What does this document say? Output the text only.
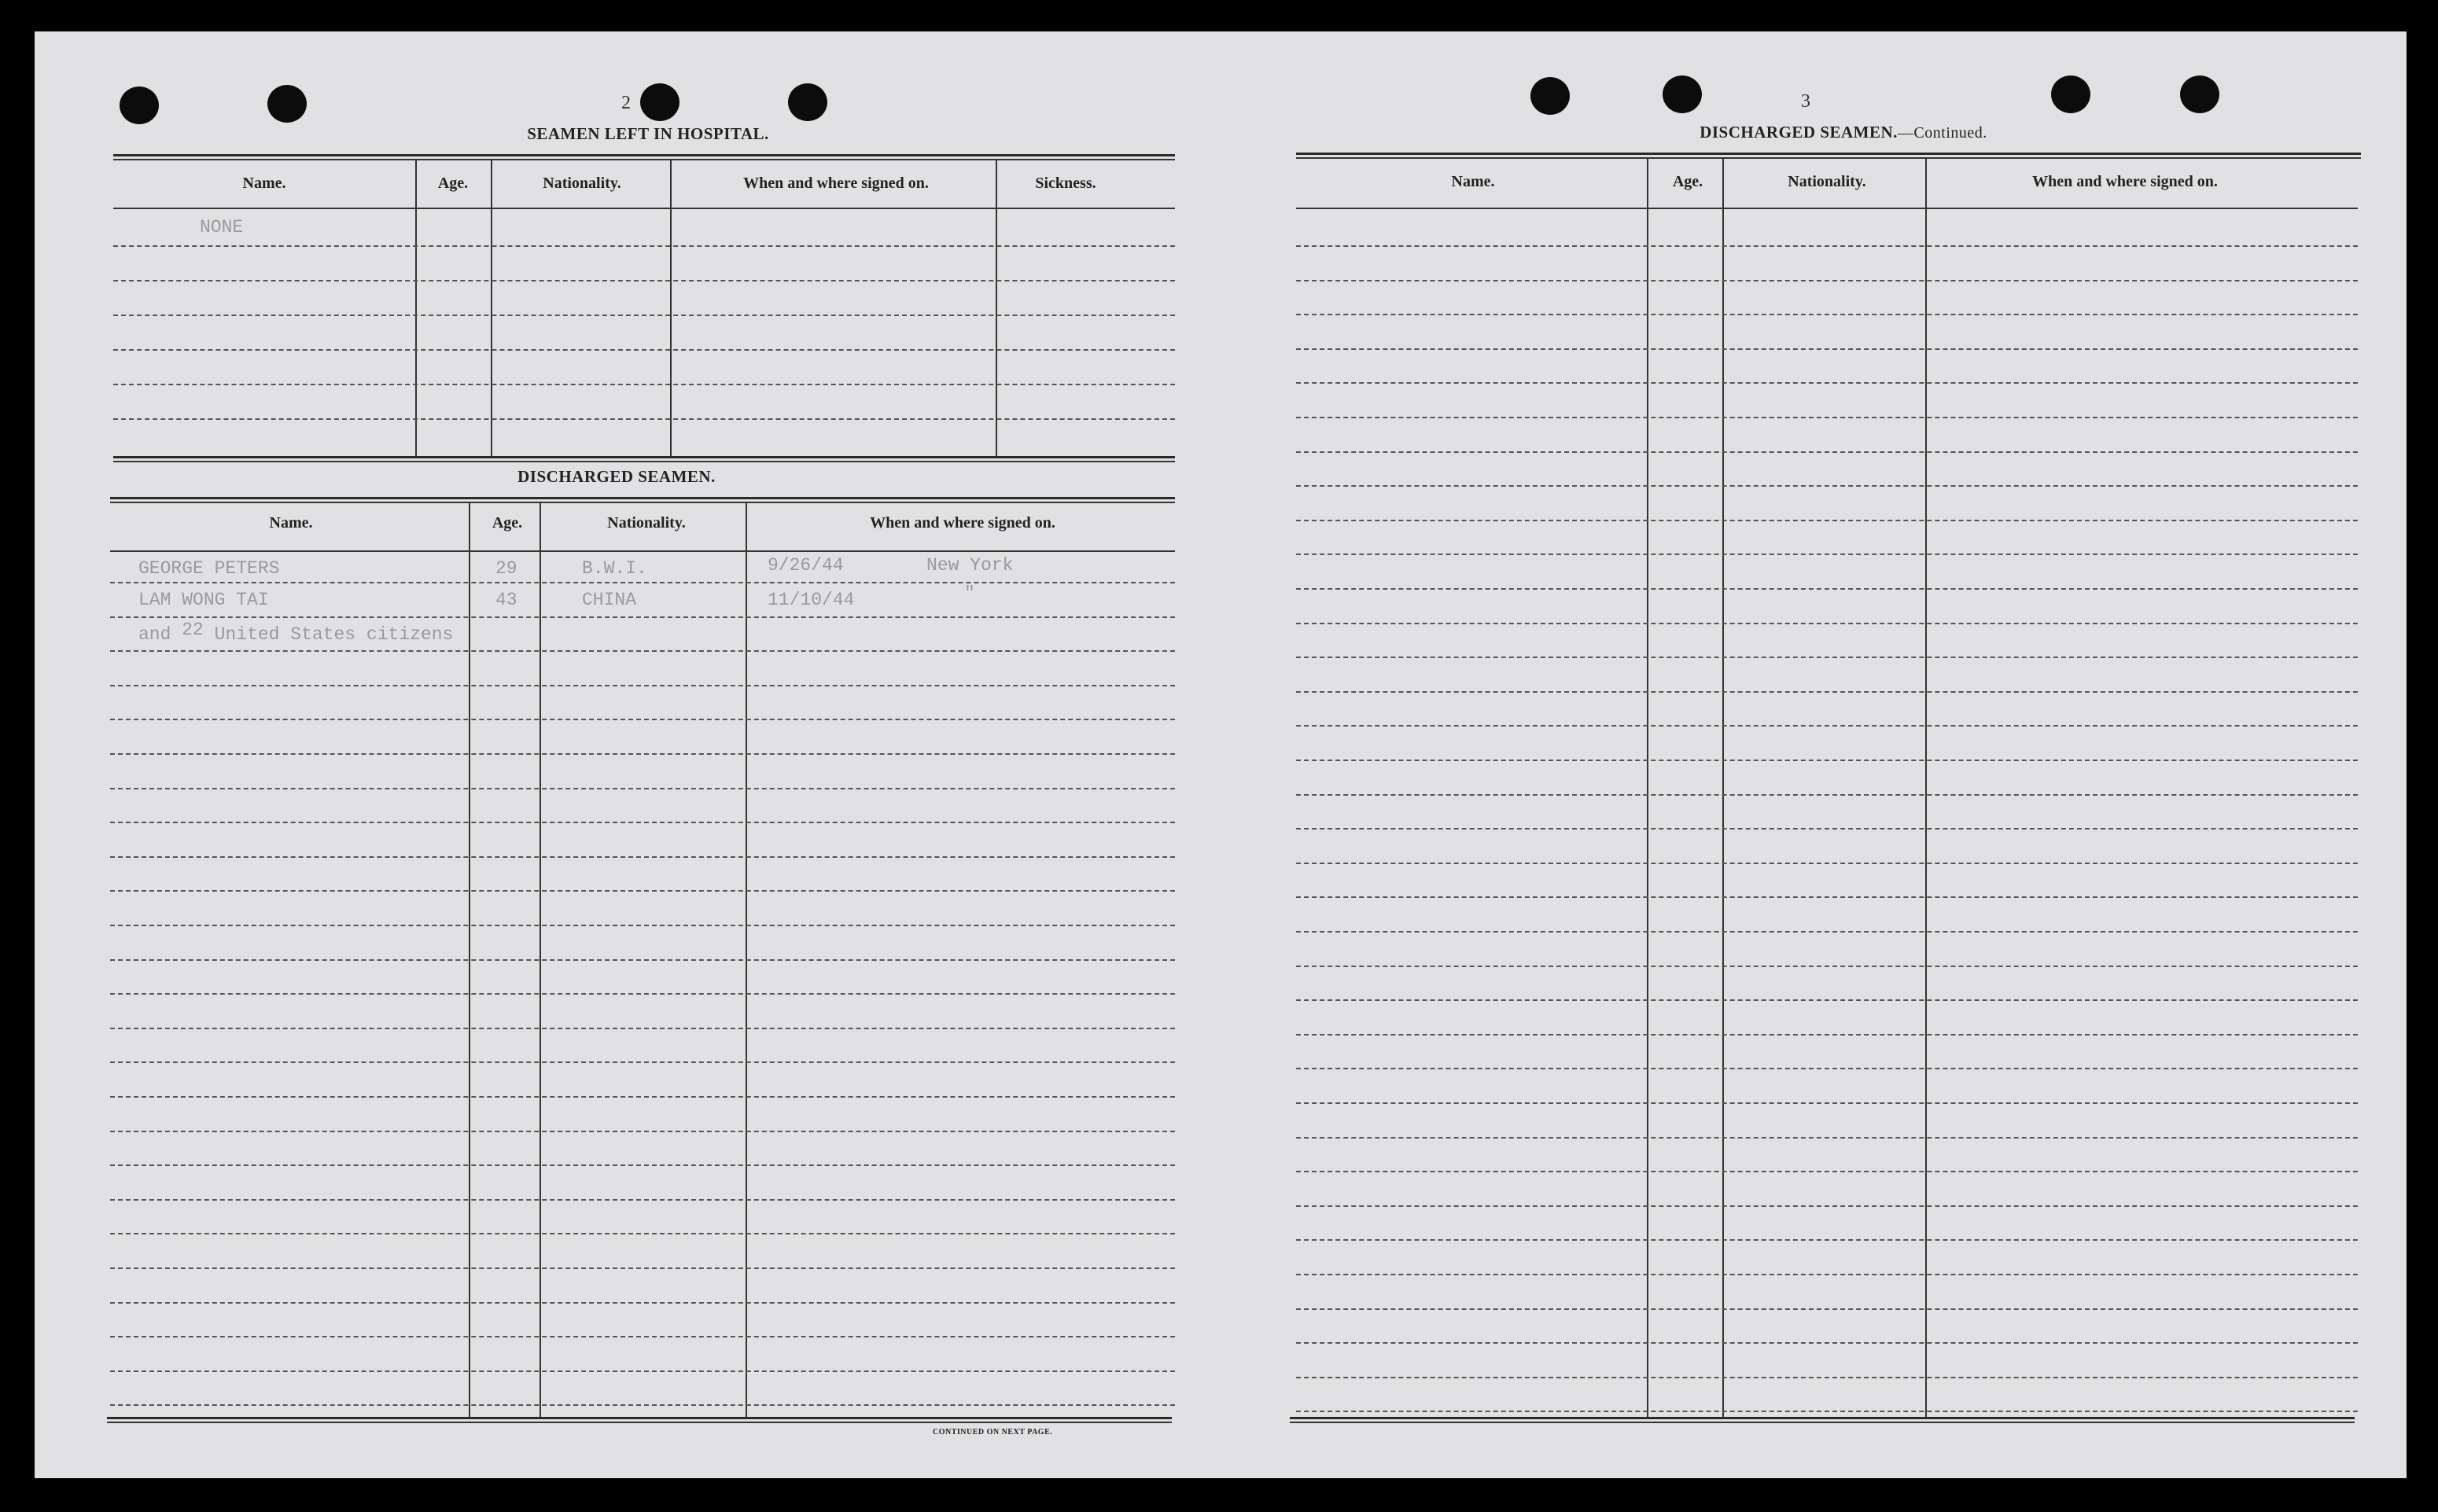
2
SEAMEN LEFT IN HOSPITAL.
Name.	Age.	Nationality.	When and where signed on.	Sickness.
NONE
DISCHARGED SEAMEN.
Name.	Age.	Nationality.	When and where signed on.
GEORGE PETERS	29	B.W.I.	9/26/44	New York
LAM WONG TAI	43	CHINA	11/10/44	"
and 22 United States citizens
CONTINUED ON NEXT PAGE.
3
DISCHARGED SEAMEN.—Continued.
Name.	Age.	Nationality.	When and where signed on.
